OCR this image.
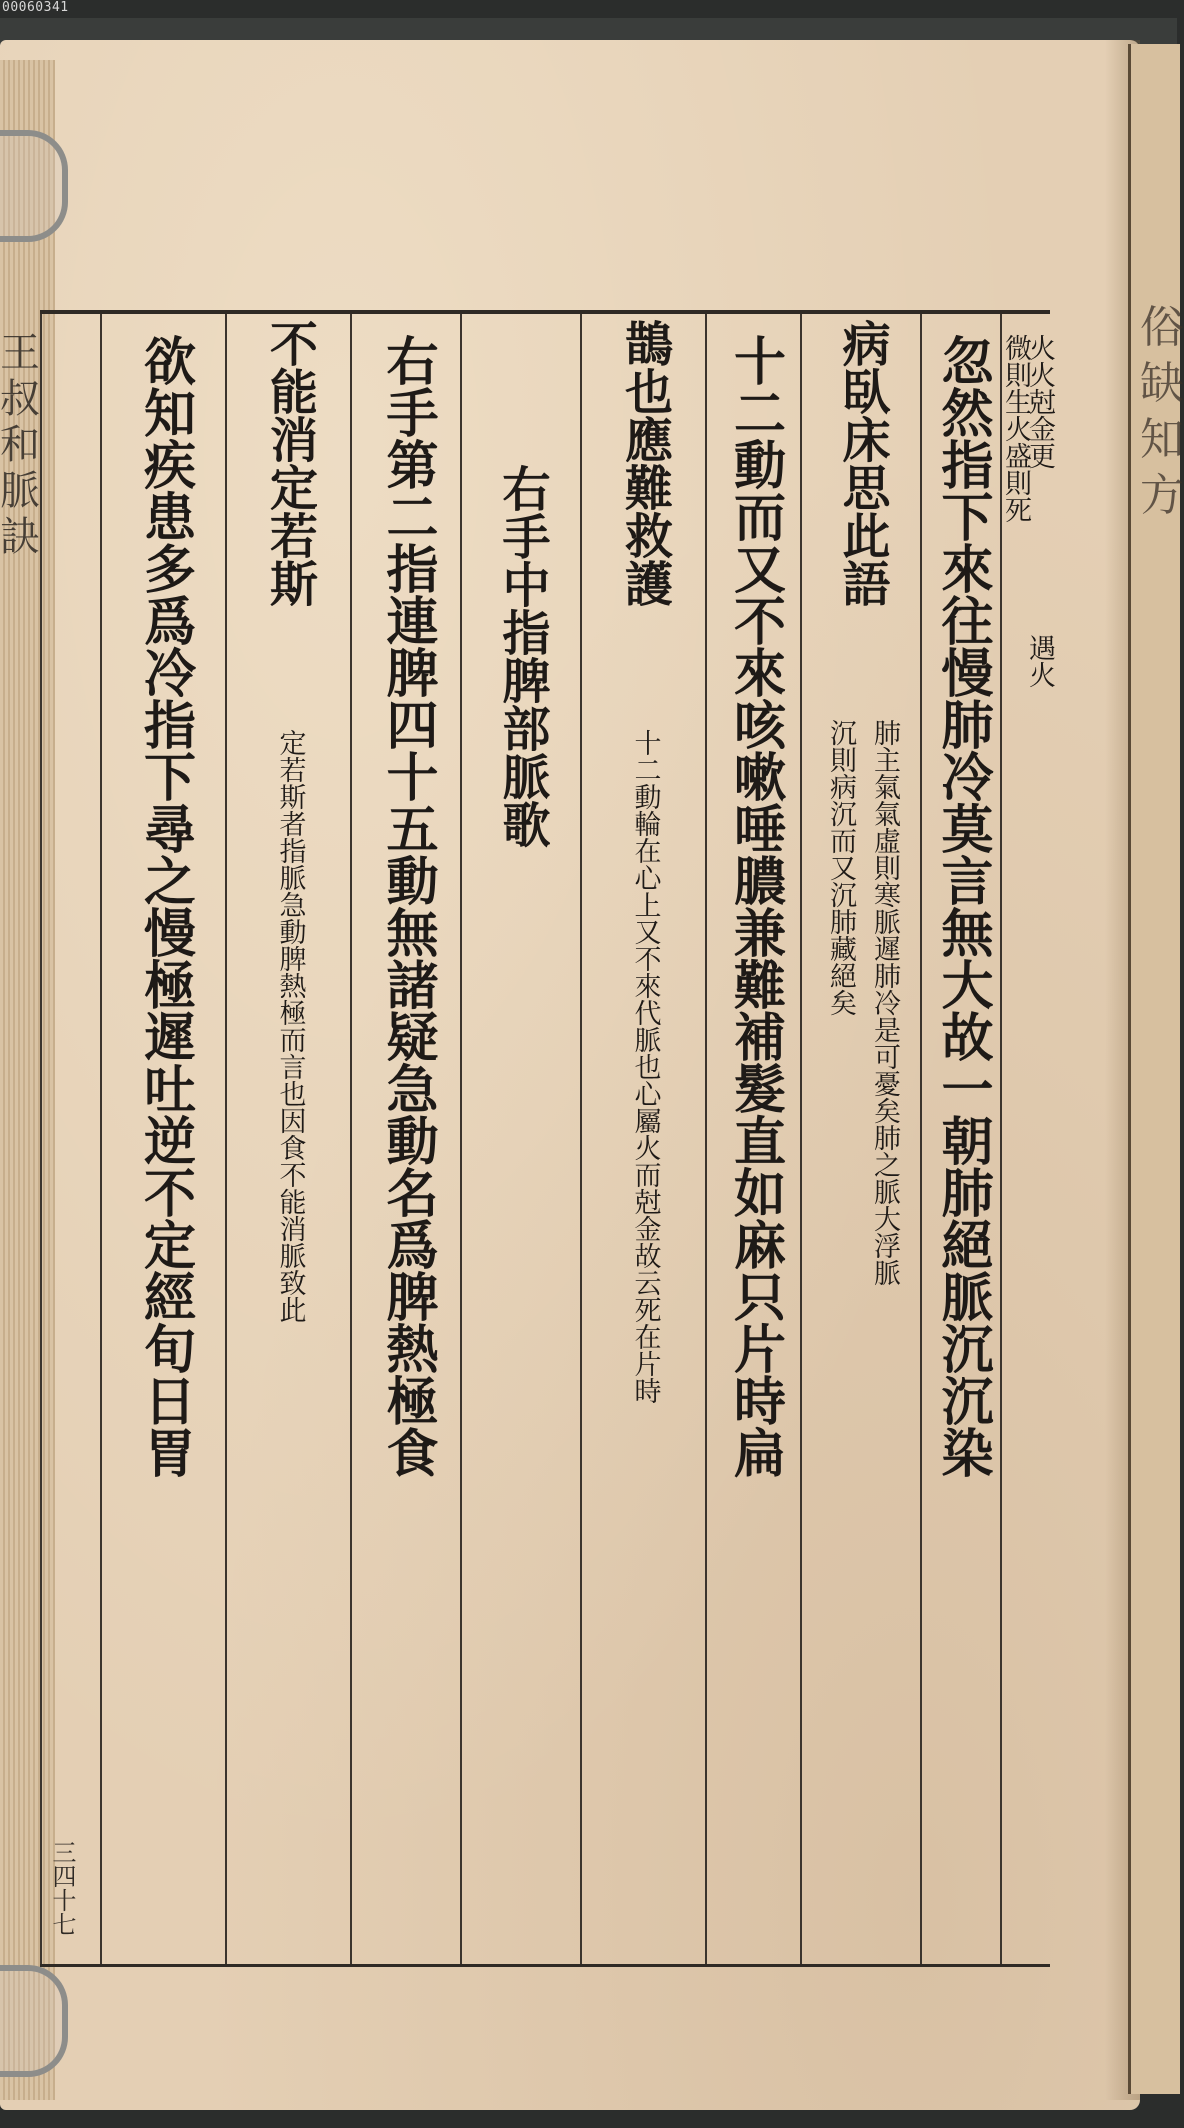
00060341
俗缺知方
王叔和脈訣
微則生火盛則死
火火尅金更
遇火
忽然指下來往慢肺冷莫言無大故一朝肺絕脈沉沉染
病臥床思此語
肺主氣氣虛則寒脈遲肺冷是可憂矣肺之脈大浮脈沉則病沉而又沉肺藏絕矣
十二動而又不來咳嗽唾膿兼難補髮直如麻只片時扁
鵲也應難救護
十二動輪在心上又不來代脈也心屬火而尅金故云死在片時
右手中指脾部脈歌
右手第二指連脾四十五動無諸疑急動名爲脾熱極食
不能消定若斯
定若斯者指脈急動脾熱極而言也因食不能消脈致此
欲知疾患多爲冷指下尋之慢極遲吐逆不定經旬日胃
三四十七
